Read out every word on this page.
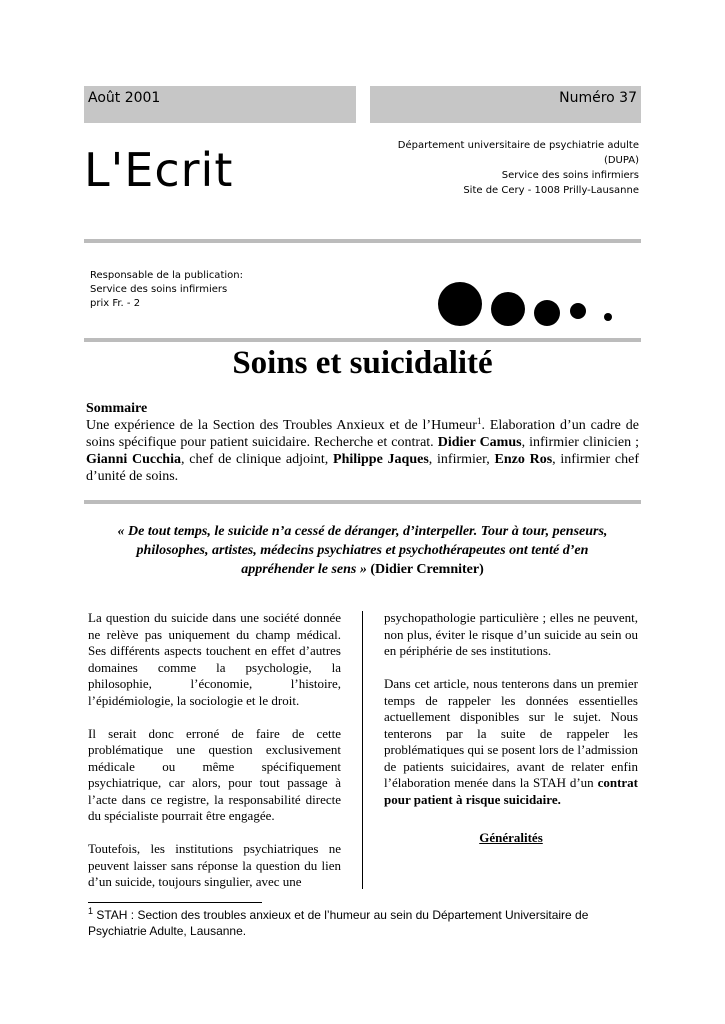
Août 2001	Numéro 37
L'Ecrit	Département universitaire de psychiatrie adulte
(DUPA)
Service des soins infirmiers
Site de Cery - 1008 Prilly-Lausanne
Responsable de la publication:
Service des soins infirmiers
prix Fr. - 2
Soins et suicidalité
Sommaire

Une expérience de la Section des Troubles Anxieux et de l’Humeur$^1$. Elaboration d’un cadre de soins spécifique pour patient suicidaire. Recherche et contrat. Didier Camus, infirmier clinicien ; Gianni Cucchia, chef de clinique adjoint, Philippe Jaques, infirmier, Enzo Ros, infirmier chef d’unité de soins.

« De tout temps, le suicide n’a cessé de déranger, d’interpeller. Tour à tour, penseurs, philosophes, artistes, médecins psychiatres et psychothérapeutes ont tenté d’en appréhender le sens » (Didier Cremniter)

La question du suicide dans une société donnée ne relève pas uniquement du champ médical. Ses différents aspects touchent en effet d’autres domaines comme la psychologie, la philosophie, l’économie, l’histoire, l’épidémiologie, la sociologie et le droit.

Il serait donc erroné de faire de cette problématique une question exclusivement médicale ou même spécifiquement psychiatrique, car alors, pour tout passage à l’acte dans ce registre, la responsabilité directe du spécialiste pourrait être engagée.

Toutefois, les institutions psychiatriques ne peuvent laisser sans réponse la question du lien d’un suicide, toujours singulier, avec une

psychopathologie particulière ; elles ne peuvent, non plus, éviter le risque d’un suicide au sein ou en périphérie de ses institutions.

Dans cet article, nous tenterons dans un premier temps de rappeler les données essentielles actuellement disponibles sur le sujet. Nous tenterons par la suite de rappeler les problématiques qui se posent lors de l’admission de patients suicidaires, avant de relater enfin l’élaboration menée dans la STAH d’un contrat pour patient à risque suicidaire.

Généralités
$^1$ STAH : Section des troubles anxieux et de l’humeur au sein du Département Universitaire de Psychiatrie Adulte, Lausanne.
